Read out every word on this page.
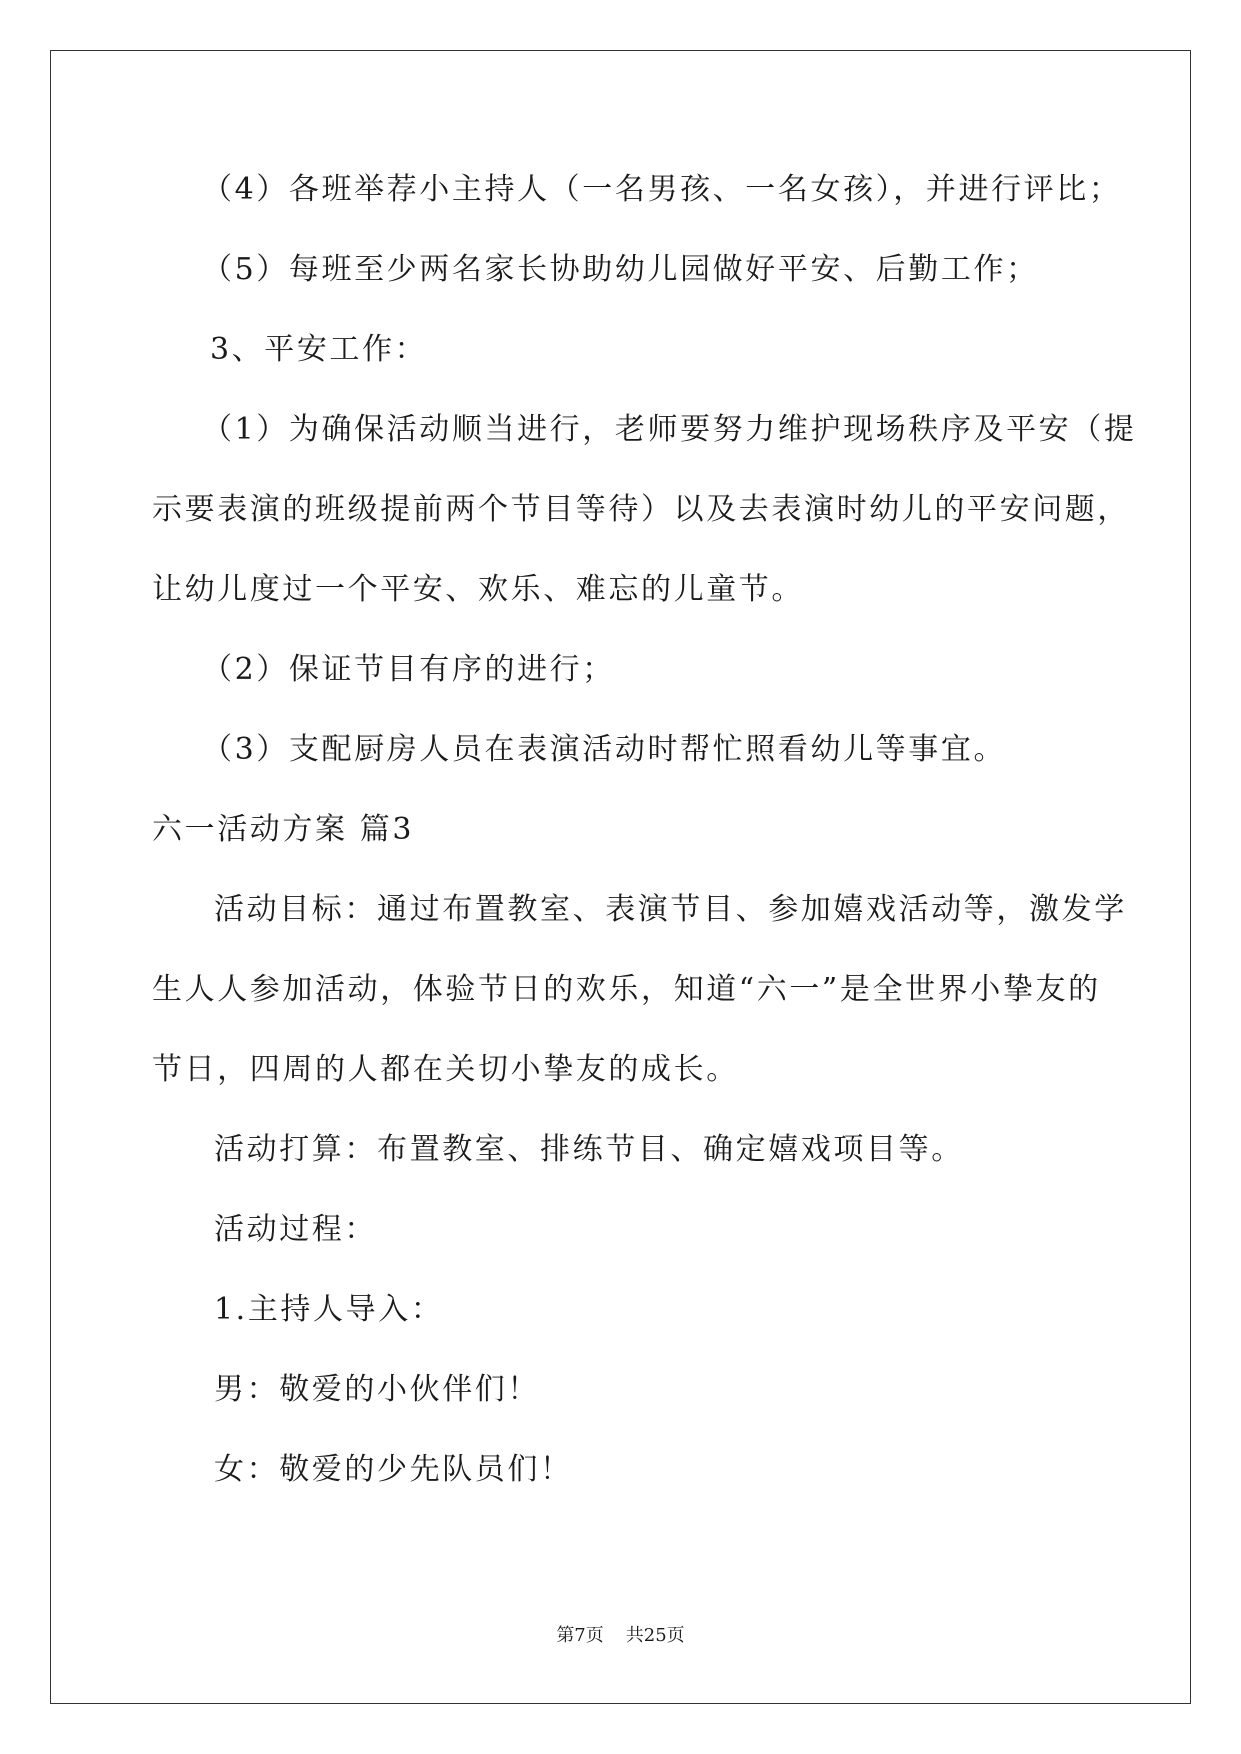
（4）各班举荐小主持人（一名男孩、一名女孩），并进行评比；
（5）每班至少两名家长协助幼儿园做好平安、后勤工作；
3、平安工作：
（1）为确保活动顺当进行，老师要努力维护现场秩序及平安（提
示要表演的班级提前两个节目等待）以及去表演时幼儿的平安问题，
让幼儿度过一个平安、欢乐、难忘的儿童节。
（2）保证节目有序的进行；
（3）支配厨房人员在表演活动时帮忙照看幼儿等事宜。
六一活动方案 篇3
活动目标：通过布置教室、表演节目、参加嬉戏活动等，激发学
生人人参加活动，体验节日的欢乐，知道“六一”是全世界小挚友的
节日，四周的人都在关切小挚友的成长。
活动打算：布置教室、排练节目、确定嬉戏项目等。
活动过程：
1.主持人导入：
男：敬爱的小伙伴们！
女：敬爱的少先队员们！
第7页 共25页
